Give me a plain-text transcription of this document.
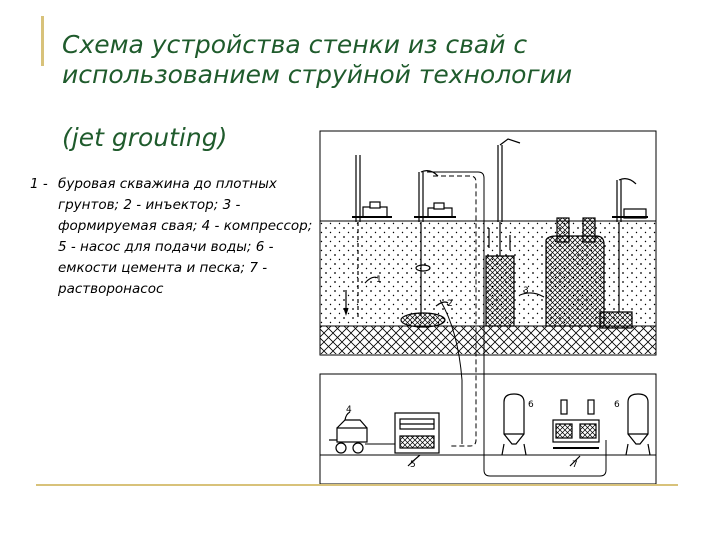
Схема устройства стенки из свай с
использованием струйной технологии
(jet grouting)
1 - буровая скважина до плотных грунтов; 2 - инъектор; 3 - формируемая свая; 4 - компрессор; 5 - насос для подачи воды; 6 - емкости цемента и песка; 7 - растворонасос
1
2
3
4
5
6	6
7
